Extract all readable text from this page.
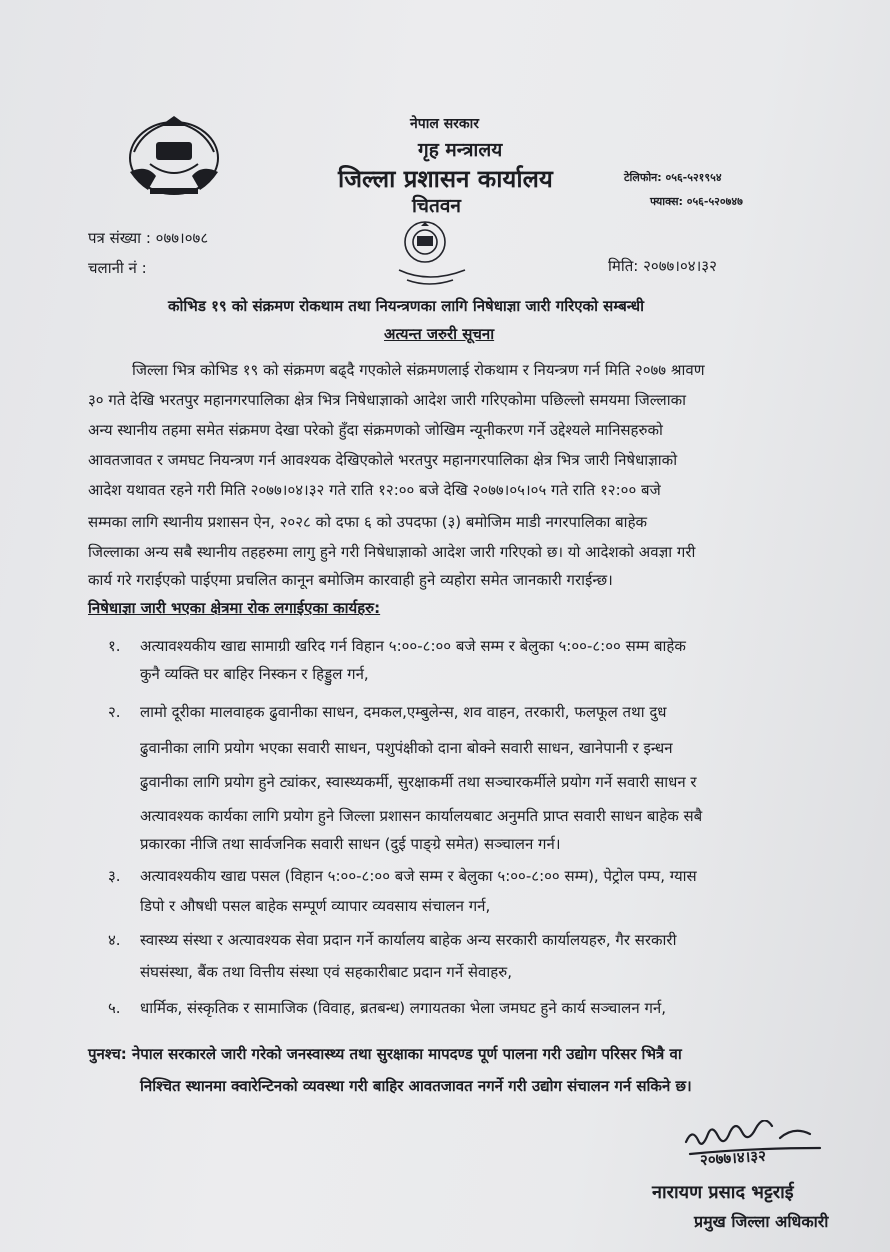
नेपाल सरकार
गृह मन्त्रालय
जिल्ला प्रशासन कार्यालय
चितवन
टेलिफोन: ०५६-५२१९५४
फ्याक्स: ०५६-५२०७४७
पत्र संख्या : ०७७।०७८
चलानी नं :	मिति: २०७७।०४।३२
कोभिड १९ को संक्रमण रोकथाम तथा नियन्त्रणका लागि निषेधाज्ञा जारी गरिएको सम्बन्धी
अत्यन्त जरुरी सूचना
जिल्ला भित्र कोभिड १९ को संक्रमण बढ्दै गएकोले संक्रमणलाई रोकथाम र नियन्त्रण गर्न मिति २०७७ श्रावण
३० गते देखि भरतपुर महानगरपालिका क्षेत्र भित्र निषेधाज्ञाको आदेश जारी गरिएकोमा पछिल्लो समयमा जिल्लाका
अन्य स्थानीय तहमा समेत संक्रमण देखा परेको हुँदा संक्रमणको जोखिम न्यूनीकरण गर्ने उद्देश्यले मानिसहरुको
आवतजावत र जमघट नियन्त्रण गर्न आवश्यक देखिएकोले भरतपुर महानगरपालिका क्षेत्र भित्र जारी निषेधाज्ञाको
आदेश यथावत रहने गरी मिति २०७७।०४।३२ गते राति १२:०० बजे देखि २०७७।०५।०५ गते राति १२:०० बजे
सम्मका लागि स्थानीय प्रशासन ऐन, २०२८ को दफा ६ को उपदफा (३) बमोजिम माडी नगरपालिका बाहेक
जिल्लाका अन्य सबै स्थानीय तहहरुमा लागु हुने गरी निषेधाज्ञाको आदेश जारी गरिएको छ। यो आदेशको अवज्ञा गरी
कार्य गरे गराईएको पाईएमा प्रचलित कानून बमोजिम कारवाही हुने व्यहोरा समेत जानकारी गराईन्छ।
निषेधाज्ञा जारी भएका क्षेत्रमा रोक लगाईएका कार्यहरु:
१. अत्यावश्यकीय खाद्य सामाग्री खरिद गर्न विहान ५:००-८:०० बजे सम्म र बेलुका ५:००-८:०० सम्म बाहेक
कुनै व्यक्ति घर बाहिर निस्कन र हिड्डुल गर्न,
२. लामो दूरीका मालवाहक ढुवानीका साधन, दमकल,एम्बुलेन्स, शव वाहन, तरकारी, फलफूल तथा दुध
ढुवानीका लागि प्रयोग भएका सवारी साधन, पशुपंक्षीको दाना बोक्ने सवारी साधन, खानेपानी र इन्धन
ढुवानीका लागि प्रयोग हुने ट्यांकर, स्वास्थ्यकर्मी, सुरक्षाकर्मी तथा सञ्चारकर्मीले प्रयोग गर्ने सवारी साधन र
अत्यावश्यक कार्यका लागि प्रयोग हुने जिल्ला प्रशासन कार्यालयबाट अनुमति प्राप्त सवारी साधन बाहेक सबै
प्रकारका नीजि तथा सार्वजनिक सवारी साधन (दुई पाङ्ग्रे समेत) सञ्चालन गर्न।
३. अत्यावश्यकीय खाद्य पसल (विहान ५:००-८:०० बजे सम्म र बेलुका ५:००-८:०० सम्म), पेट्रोल पम्प, ग्यास
डिपो र औषधी पसल बाहेक सम्पूर्ण व्यापार व्यवसाय संचालन गर्न,
४. स्वास्थ्य संस्था र अत्यावश्यक सेवा प्रदान गर्ने कार्यालय बाहेक अन्य सरकारी कार्यालयहरु, गैर सरकारी
संघसंस्था, बैंक तथा वित्तीय संस्था एवं सहकारीबाट प्रदान गर्ने सेवाहरु,
५. धार्मिक, संस्कृतिक र सामाजिक (विवाह, ब्रतबन्ध) लगायतका भेला जमघट हुने कार्य सञ्चालन गर्न,
पुनश्च: नेपाल सरकारले जारी गरेको जनस्वास्थ्य तथा सुरक्षाका मापदण्ड पूर्ण पालना गरी उद्योग परिसर भित्रै वा
निश्चित स्थानमा क्वारेन्टिनको व्यवस्था गरी बाहिर आवतजावत नगर्ने गरी उद्योग संचालन गर्न सकिने छ।
२०७७।४।३२
नारायण प्रसाद भट्टराई
प्रमुख जिल्ला अधिकारी
